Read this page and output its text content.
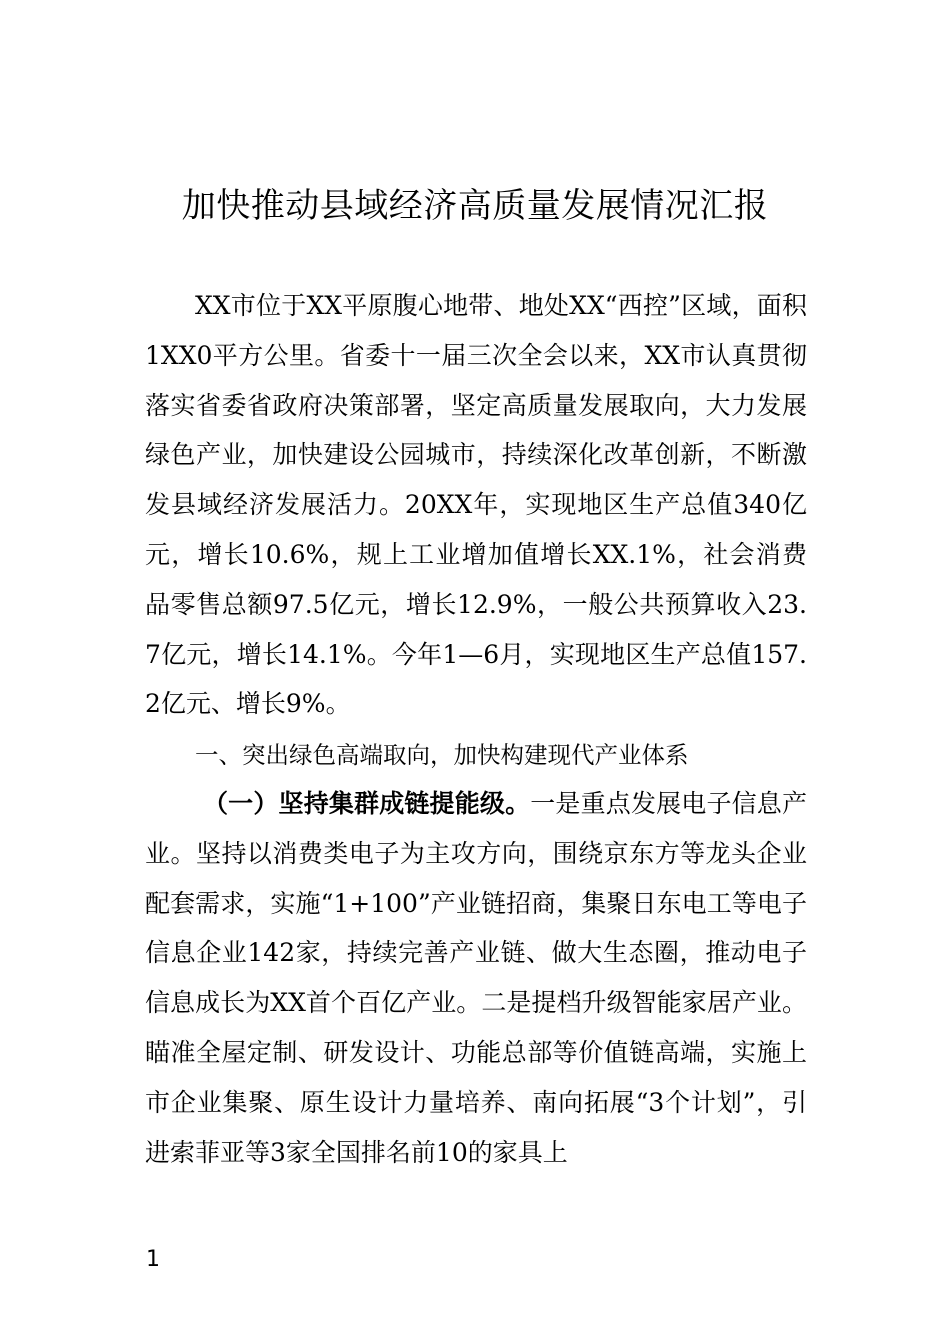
加快推动县域经济高质量发展情况汇报

XX市位于XX平原腹心地带、地处XX“西控”区域，面积1XX0平方公里。省委十一届三次全会以来，XX市认真贯彻落实省委省政府决策部署，坚定高质量发展取向，大力发展绿色产业，加快建设公园城市，持续深化改革创新，不断激发县域经济发展活力。20XX年，实现地区生产总值340亿元，增长10.6%，规上工业增加值增长XX.1%，社会消费品零售总额97.5亿元，增长12.9%，一般公共预算收入23.7亿元，增长14.1%。今年1—6月，实现地区生产总值157.2亿元、增长9%。

一、突出绿色高端取向，加快构建现代产业体系

（一）坚持集群成链提能级。一是重点发展电子信息产业。坚持以消费类电子为主攻方向，围绕京东方等龙头企业配套需求，实施“1+100”产业链招商，集聚日东电工等电子信息企业142家，持续完善产业链、做大生态圈，推动电子信息成长为XX首个百亿产业。二是提档升级智能家居产业。瞄准全屋定制、研发设计、功能总部等价值链高端，实施上市企业集聚、原生设计力量培养、南向拓展“3个计划”，引进索菲亚等3家全国排名前10的家具上

1
